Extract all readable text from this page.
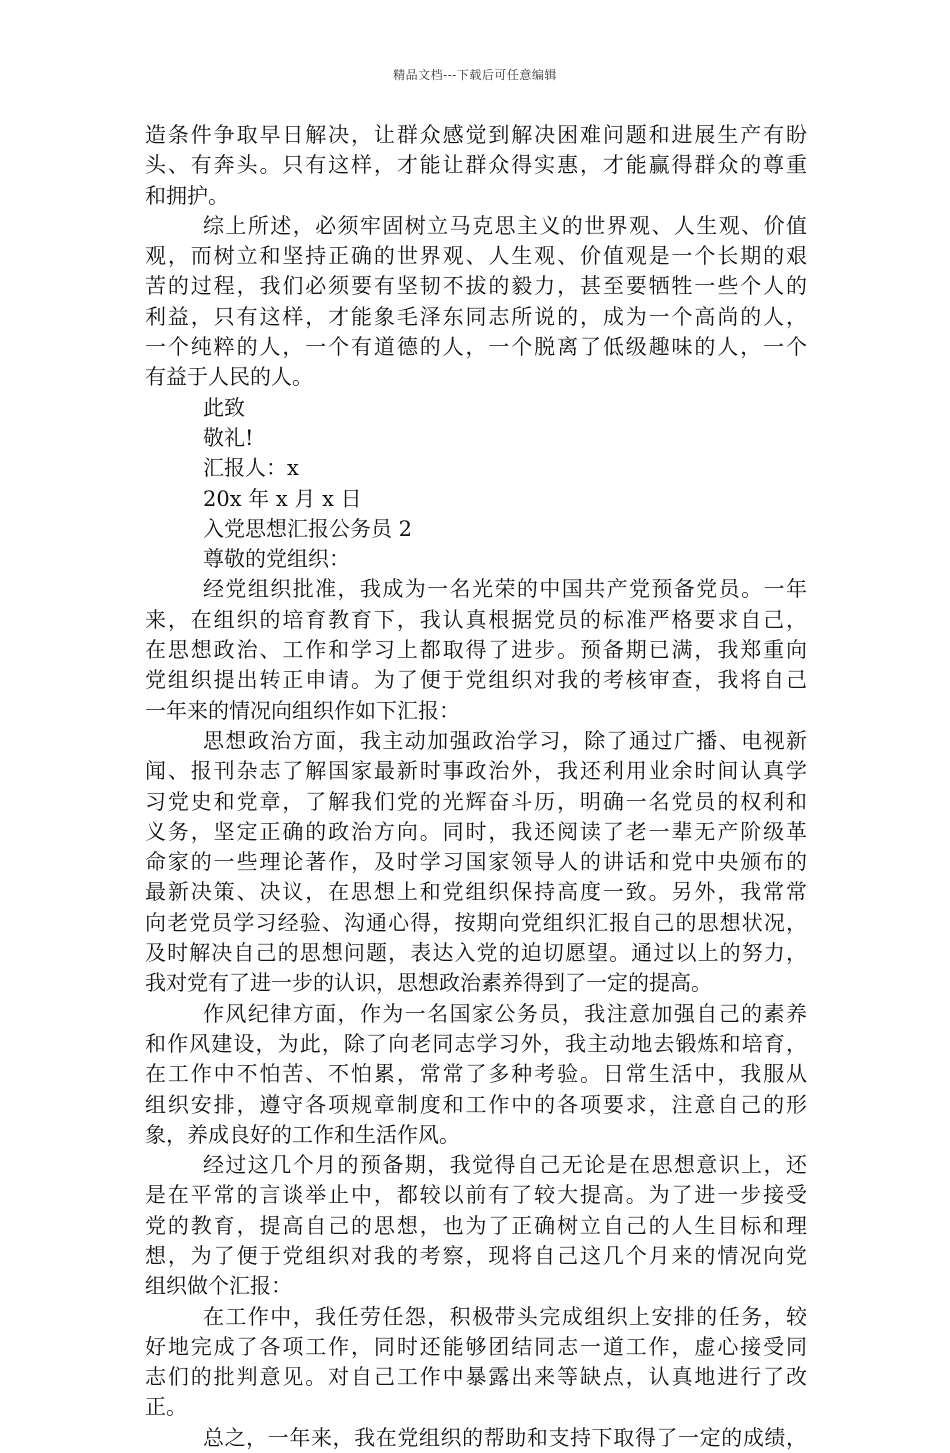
精品文档---下载后可任意编辑
造条件争取早日解决，让群众感觉到解决困难问题和进展生产有盼
头、有奔头。只有这样，才能让群众得实惠，才能赢得群众的尊重
和拥护。
综上所述，必须牢固树立马克思主义的世界观、人生观、价值
观，而树立和坚持正确的世界观、人生观、价值观是一个长期的艰
苦的过程，我们必须要有坚韧不拔的毅力，甚至要牺牲一些个人的
利益，只有这样，才能象毛泽东同志所说的，成为一个高尚的人，
一个纯粹的人，一个有道德的人，一个脱离了低级趣味的人，一个
有益于人民的人。
此致
敬礼!
汇报人：x
20x 年 x 月 x 日
入党思想汇报公务员 2
尊敬的党组织：
经党组织批准，我成为一名光荣的中国共产党预备党员。一年
来，在组织的培育教育下，我认真根据党员的标准严格要求自己，
在思想政治、工作和学习上都取得了进步。预备期已满，我郑重向
党组织提出转正申请。为了便于党组织对我的考核审查，我将自己
一年来的情况向组织作如下汇报：
思想政治方面，我主动加强政治学习，除了通过广播、电视新
闻、报刊杂志了解国家最新时事政治外，我还利用业余时间认真学
习党史和党章，了解我们党的光辉奋斗历，明确一名党员的权利和
义务，坚定正确的政治方向。同时，我还阅读了老一辈无产阶级革
命家的一些理论著作，及时学习国家领导人的讲话和党中央颁布的
最新决策、决议，在思想上和党组织保持高度一致。另外，我常常
向老党员学习经验、沟通心得，按期向党组织汇报自己的思想状况，
及时解决自己的思想问题，表达入党的迫切愿望。通过以上的努力，
我对党有了进一步的认识，思想政治素养得到了一定的提高。
作风纪律方面，作为一名国家公务员，我注意加强自己的素养
和作风建设，为此，除了向老同志学习外，我主动地去锻炼和培育，
在工作中不怕苦、不怕累，常常了多种考验。日常生活中，我服从
组织安排，遵守各项规章制度和工作中的各项要求，注意自己的形
象，养成良好的工作和生活作风。
经过这几个月的预备期，我觉得自己无论是在思想意识上，还
是在平常的言谈举止中，都较以前有了较大提高。为了进一步接受
党的教育，提高自己的思想，也为了正确树立自己的人生目标和理
想，为了便于党组织对我的考察，现将自己这几个月来的情况向党
组织做个汇报：
在工作中，我任劳任怨，积极带头完成组织上安排的任务，较
好地完成了各项工作，同时还能够团结同志一道工作，虚心接受同
志们的批判意见。对自己工作中暴露出来等缺点，认真地进行了改
正。
总之，一年来，我在党组织的帮助和支持下取得了一定的成绩，
